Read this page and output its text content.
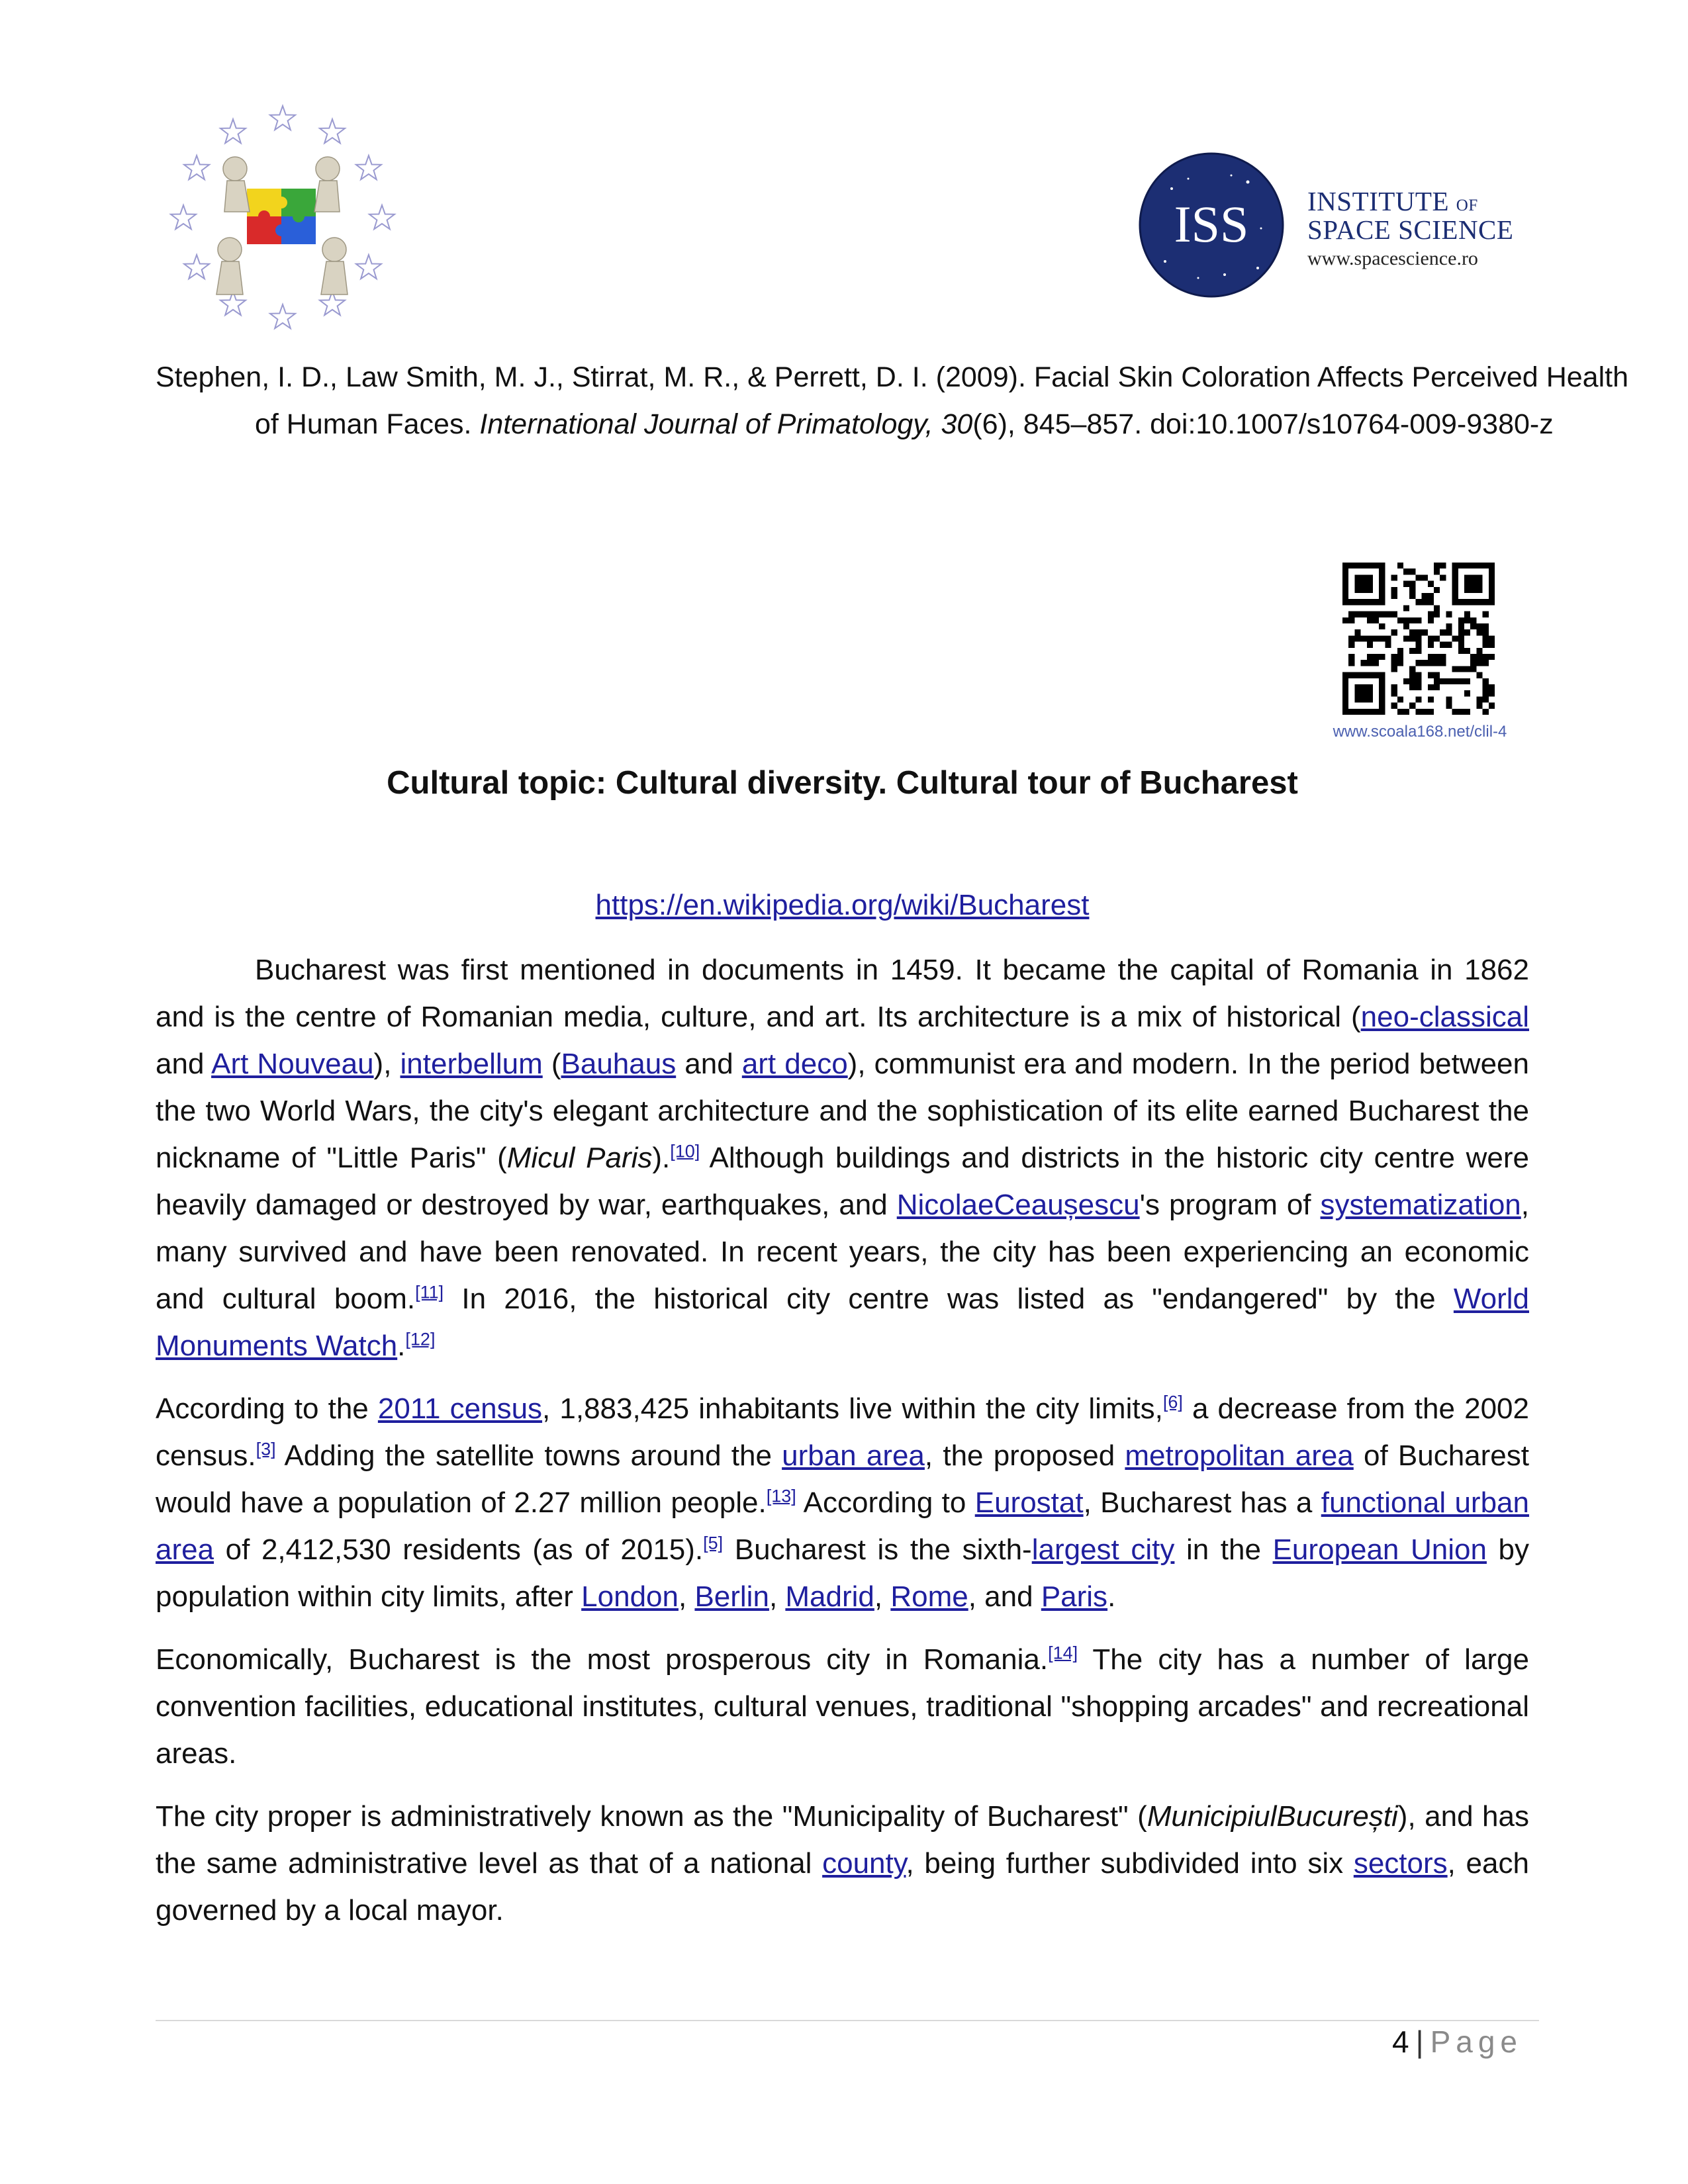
ISS INSTITUTE OF
SPACE SCIENCE
www.spacescience.ro
Stephen, I. D., Law Smith, M. J., Stirrat, M. R., & Perrett, D. I. (2009). Facial Skin Coloration Affects Perceived Health of Human Faces. International Journal of Primatology, 30(6), 845–857. doi:10.1007/s10764-009-9380-z
www.scoala168.net/clil-4
Cultural topic: Cultural diversity. Cultural tour of Bucharest
https://en.wikipedia.org/wiki/Bucharest

Bucharest was first mentioned in documents in 1459. It became the capital of Romania in 1862 and is the centre of Romanian media, culture, and art. Its architecture is a mix of historical (neo-classical and Art Nouveau), interbellum (Bauhaus and art deco), communist era and modern. In the period between the two World Wars, the city's elegant architecture and the sophistication of its elite earned Bucharest the nickname of "Little Paris" (Micul Paris).[10] Although buildings and districts in the historic city centre were heavily damaged or destroyed by war, earthquakes, and NicolaeCeaușescu's program of systematization, many survived and have been renovated. In recent years, the city has been experiencing an economic and cultural boom.[11] In 2016, the historical city centre was listed as "endangered" by the World Monuments Watch.[12]

According to the 2011 census, 1,883,425 inhabitants live within the city limits,[6] a decrease from the 2002 census.[3] Adding the satellite towns around the urban area, the proposed metropolitan area of Bucharest would have a population of 2.27 million people.[13] According to Eurostat, Bucharest has a functional urban area of 2,412,530 residents (as of 2015).[5] Bucharest is the sixth-largest city in the European Union by population within city limits, after London, Berlin, Madrid, Rome, and Paris.

Economically, Bucharest is the most prosperous city in Romania.[14] The city has a number of large convention facilities, educational institutes, cultural venues, traditional "shopping arcades" and recreational areas.

The city proper is administratively known as the "Municipality of Bucharest" (MunicipiulBucurești), and has the same administrative level as that of a national county, being further subdivided into six sectors, each governed by a local mayor.

4 | Page
